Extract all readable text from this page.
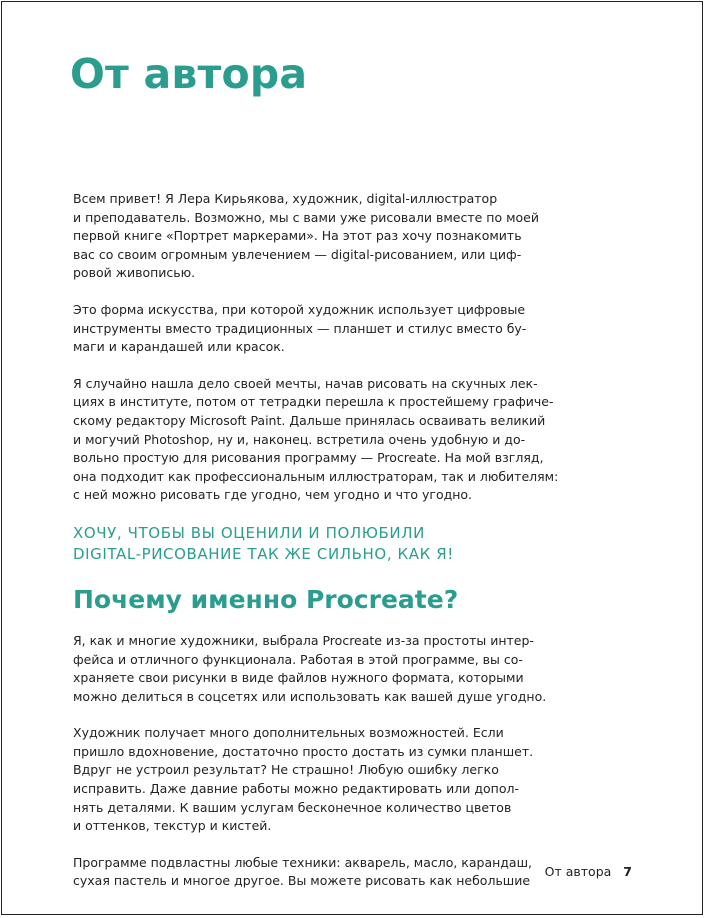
От автора

Всем привет! Я Лера Кирьякова, художник, digital-иллюстратор
и преподаватель. Возможно, мы с вами уже рисовали вместе по моей
первой книге «Портрет маркерами». На этот раз хочу познакомить
вас со своим огромным увлечением — digital-рисованием, или циф-
ровой живописью.

Это форма искусства, при которой художник использует цифровые
инструменты вместо традиционных — планшет и стилус вместо бу-
маги и карандашей или красок.

Я случайно нашла дело своей мечты, начав рисовать на скучных лек-
циях в институте, потом от тетрадки перешла к простейшему графиче-
скому редактору Microsoft Paint. Дальше принялась осваивать великий
и могучий Photoshop, ну и, наконец. встретила очень удобную и до-
вольно простую для рисования программу — Procreate. На мой взгляд,
она подходит как профессиональным иллюстраторам, так и любителям:
с ней можно рисовать где угодно, чем угодно и что угодно.

ХОЧУ, ЧТОБЫ ВЫ ОЦЕНИЛИ И ПОЛЮБИЛИ
DIGITAL-РИСОВАНИЕ ТАК ЖЕ СИЛЬНО, КАК Я!

Почему именно Procreate?

Я, как и многие художники, выбрала Procreate из-за простоты интер-
фейса и отличного функционала. Работая в этой программе, вы со-
храняете свои рисунки в виде файлов нужного формата, которыми
можно делиться в соцсетях или использовать как вашей душе угодно.

Художник получает много дополнительных возможностей. Если
пришло вдохновение, достаточно просто достать из сумки планшет.
Вдруг не устроил результат? Не страшно! Любую ошибку легко
исправить. Даже давние работы можно редактировать или допол-
нять деталями. К вашим услугам бесконечное количество цветов
и оттенков, текстур и кистей.

Программе подвластны любые техники: акварель, масло, карандаш,
сухая пастель и многое другое. Вы можете рисовать как небольшие

От автора 7
